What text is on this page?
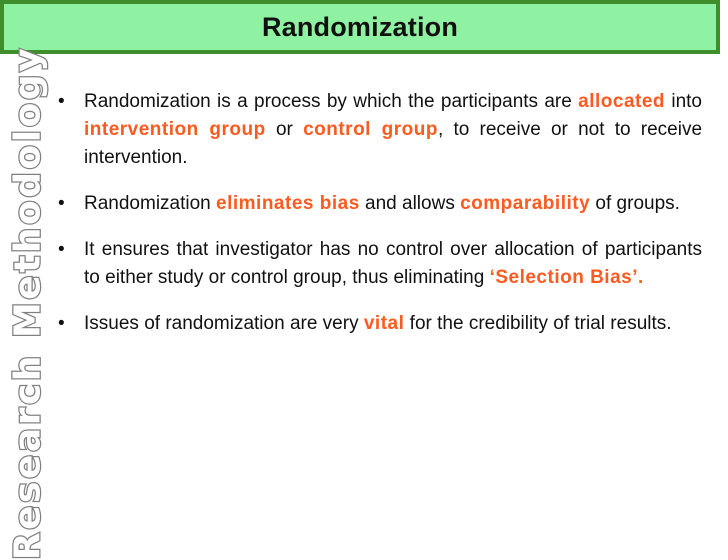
Randomization
Research Methodology •	Randomization is a process by which the participants are allocated into intervention group or control group, to receive or not to receive intervention.
•	Randomization eliminates bias and allows comparability of groups.
•	It ensures that investigator has no control over allocation of participants to either study or control group, thus eliminating ‘Selection Bias’.
•	Issues of randomization are very vital for the credibility of trial results.
